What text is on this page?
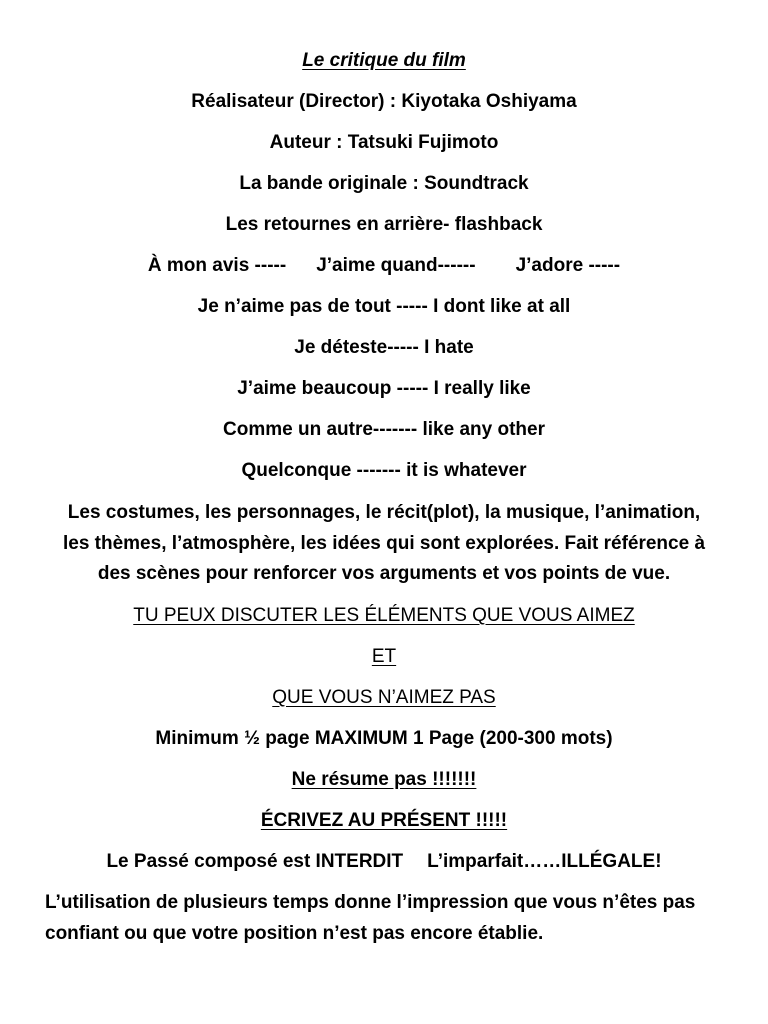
Le critique du film
Réalisateur (Director) : Kiyotaka Oshiyama
Auteur : Tatsuki Fujimoto
La bande originale : Soundtrack
Les retournes en arrière- flashback
À mon avis ----- J’aime quand------ J’adore -----
Je n’aime pas de tout ----- I dont like at all
Je déteste----- I hate
J’aime beaucoup ----- I really like
Comme un autre------- like any other
Quelconque ------- it is whatever
Les costumes, les personnages, le récit(plot), la musique, l’animation,
les thèmes, l’atmosphère, les idées qui sont explorées. Fait référence à
des scènes pour renforcer vos arguments et vos points de vue.
TU PEUX DISCUTER LES ÉLÉMENTS QUE VOUS AIMEZ
ET
QUE VOUS N’AIMEZ PAS
Minimum ½ page MAXIMUM 1 Page (200-300 mots)
Ne résume pas !!!!!!!
ÉCRIVEZ AU PRÉSENT !!!!!
Le Passé composé est INTERDIT L’imparfait……ILLÉGALE!
L’utilisation de plusieurs temps donne l’impression que vous n’êtes pas
confiant ou que votre position n’est pas encore établie.
